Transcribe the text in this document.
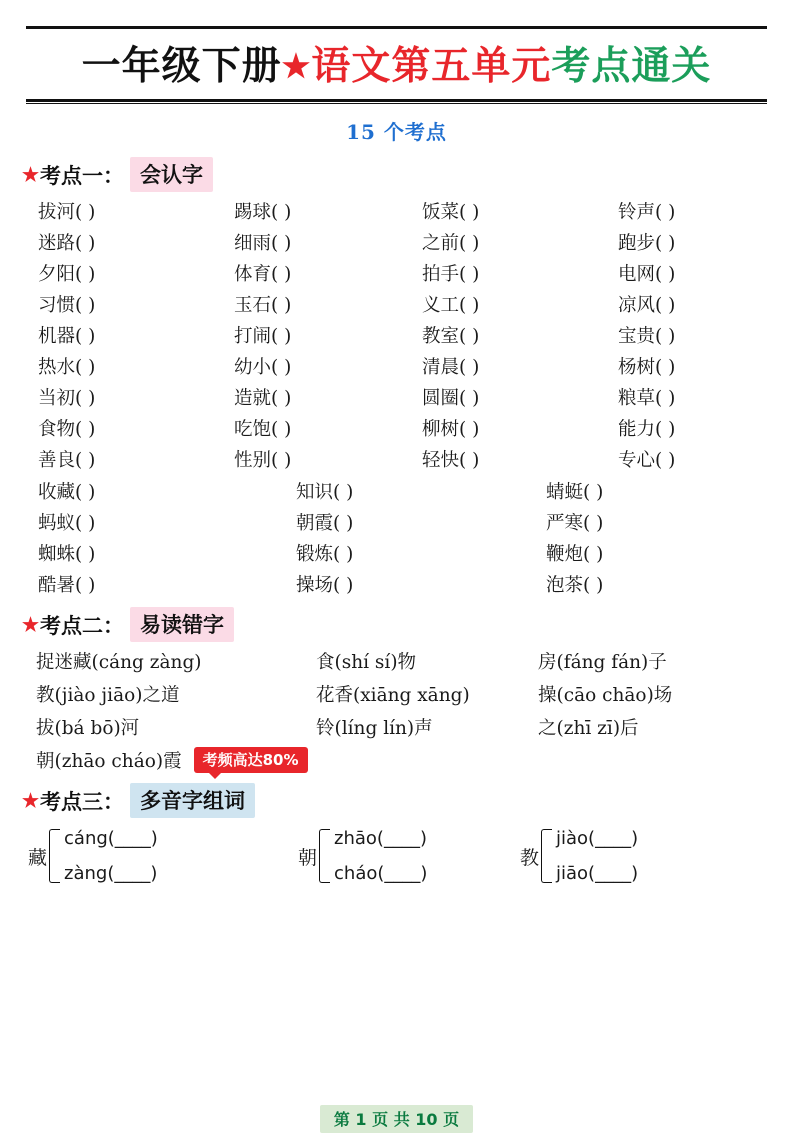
一年级下册★语文第五单元考点通关
15 个考点
★ 考点一： 会认字
拔河( )	踢球( )	饭菜( )	铃声( )
迷路( )	细雨( )	之前( )	跑步( )
夕阳( )	体育( )	拍手( )	电网( )
习惯( )	玉石( )	义工( )	凉风( )
机器( )	打闹( )	教室( )	宝贵( )
热水( )	幼小( )	清晨( )	杨树( )
当初( )	造就( )	圆圈( )	粮草( )
食物( )	吃饱( )	柳树( )	能力( )
善良( )	性别( )	轻快( )	专心( )
收藏( )	知识( )	蜻蜓( )
蚂蚁( )	朝霞( )	严寒( )
蜘蛛( )	锻炼( )	鞭炮( )
酷暑( )	操场( )	泡茶( )
★ 考点二： 易读错字
捉迷藏(cáng zàng)	食(shí sí)物	房(fáng fán)子
教(jiào jiāo)之道	花香(xiāng xāng)	操(cāo chāo)场
拔(bá bō)河	铃(líng lín)声	之(zhī zī)后
朝(zhāo cháo)霞 考频高达80%
★ 考点三： 多音字组词
藏
cáng(____)
zàng(____)
朝
zhāo(____)
cháo(____)
教
jiào(____)
jiāo(____)
第 1 页 共 10 页
